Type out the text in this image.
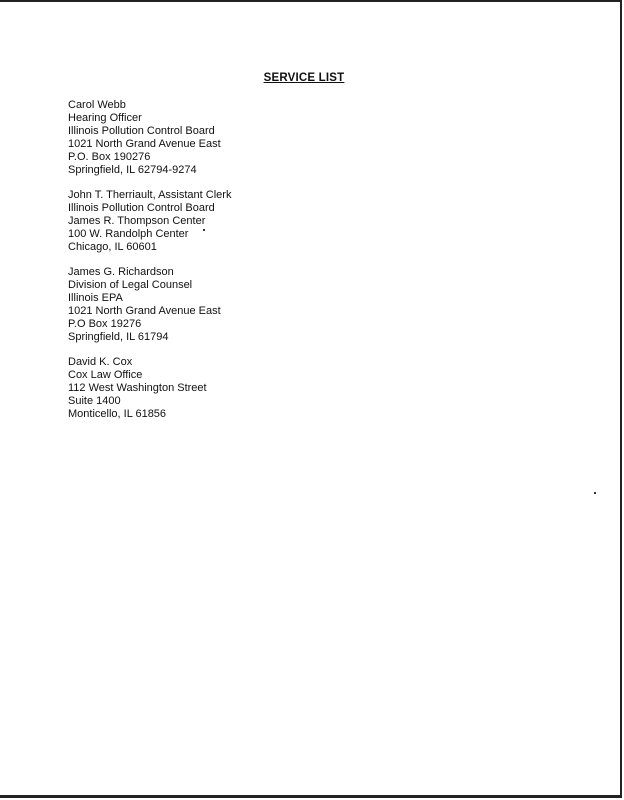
SERVICE LIST
Carol Webb
Hearing Officer
Illinois Pollution Control Board
1021 North Grand Avenue East
P.O. Box 190276
Springfield, IL 62794-9274
John T. Therriault, Assistant Clerk
Illinois Pollution Control Board
James R. Thompson Center
100 W. Randolph Center
Chicago, IL 60601
James G. Richardson
Division of Legal Counsel
Illinois EPA
1021 North Grand Avenue East
P.O Box 19276
Springfield, IL 61794
David K. Cox
Cox Law Office
112 West Washington Street
Suite 1400
Monticello, IL 61856
